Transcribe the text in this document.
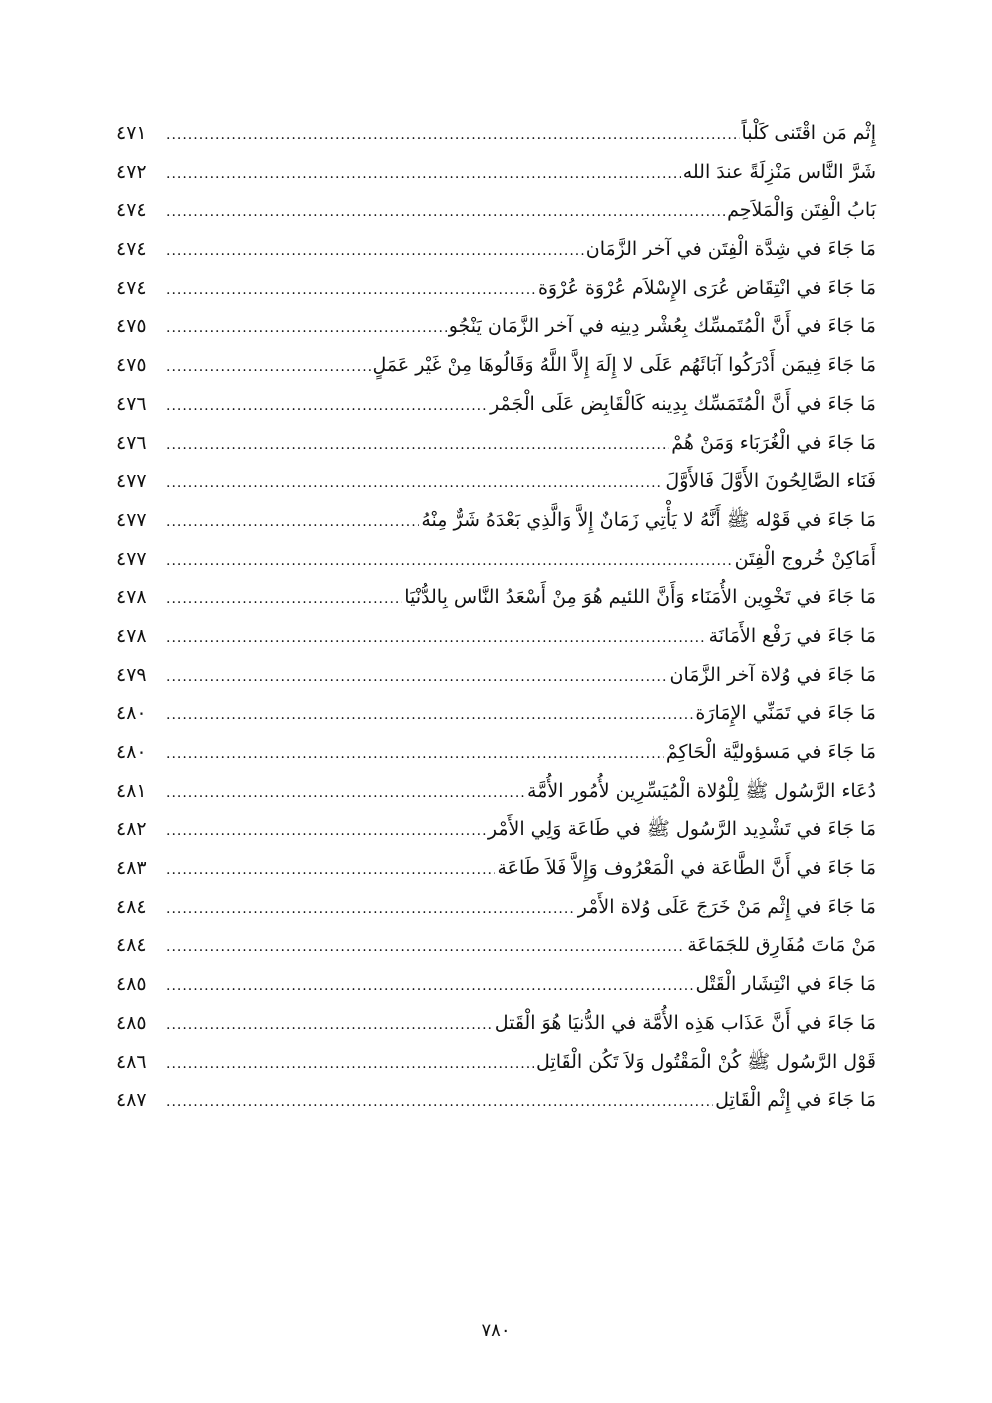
إِثْم مَن اقْتَنى كَلْباً
.....
٤٧١
شَرَّ النَّاس مَنْزِلَةً عندَ الله
.....
٤٧٢
بَابُ الْفِتَن وَالْمَلاَحِم
.....
٤٧٤
مَا جَاءَ في شِدَّة الْفِتَن في آخر الزَّمَان
.....
٤٧٤
مَا جَاءَ في انْتِقَاض عُرَى الإِسْلاَم عُرْوَة عُرْوَة
.....
٤٧٤
مَا جَاءَ في أَنَّ الْمُتَمسِّك بِعُشْر دِينِه في آخر الزَّمَان يَنْجُو
.....
٤٧٥
مَا جَاءَ فِيمَن أَدْرَكُوا آبَائَهُم عَلَى لا إِلَهَ إِلاَّ اللَّهُ وَقَالُوهَا مِنْ غَيْر عَمَلٍ
.....
٤٧٥
مَا جَاءَ في أَنَّ الْمُتَمَسِّك بِدِينه كَالْقَابِض عَلَى الْجَمْر
.....
٤٧٦
مَا جَاءَ في الْغُرَبَاء وَمَنْ هُمْ
.....
٤٧٦
فَنَاء الصَّالِحُونَ الأَوَّلَ فَالأَوَّلَ
.....
٤٧٧
مَا جَاءَ في قَوْله ﷺ أَنَّهُ لا يَأْتِي زَمَانٌ إِلاَّ وَالَّذِي بَعْدَهُ شَرٌّ مِنْهُ
.....
٤٧٧
أَمَاكِنْ خُروج الْفِتَن
.....
٤٧٧
مَا جَاءَ في تَخْوِين الأُمَنَاء وَأَنَّ اللئيم هُوَ مِنْ أَسْعَدُ النَّاس بِالدُّنْيَا
.....
٤٧٨
مَا جَاءَ في رَفْع الأَمَانَة
.....
٤٧٨
مَا جَاءَ في وُلاة آخر الزَّمَان
.....
٤٧٩
مَا جَاءَ في تَمَنِّي الإِمَارَة
.....
٤٨٠
مَا جَاءَ في مَسؤوليَّة الْحَاكِمْ
.....
٤٨٠
دُعَاء الرَّسُول ﷺ لِلْوُلاة الْمُيَسِّرِين لأُمُور الأُمَّة
.....
٤٨١
مَا جَاءَ في تَشْدِيد الرَّسُول ﷺ في طَاعَة وَلِي الأَمْر
.....
٤٨٢
مَا جَاءَ في أَنَّ الطَّاعَة في الْمَعْرُوف وَإِلاَّ فَلاَ طَاعَة
.....
٤٨٣
مَا جَاءَ في إِثْم مَنْ خَرَجَ عَلَى وُلاة الأَمْر
.....
٤٨٤
مَنْ مَاتَ مُفَارِق للجَمَاعَة
.....
٤٨٤
مَا جَاءَ في انْتِشَار الْقَتْل
.....
٤٨٥
مَا جَاءَ في أَنَّ عَذَاب هَذِه الأُمَّة في الدُّنيَا هُوَ الْقَتل
.....
٤٨٥
قَوْل الرَّسُول ﷺ كُنْ الْمَقْتُول وَلاَ تَكُن الْقَاتِل
.....
٤٨٦
مَا جَاءَ في إِثْم الْقَاتِل
.....
٤٨٧
٧٨٠
